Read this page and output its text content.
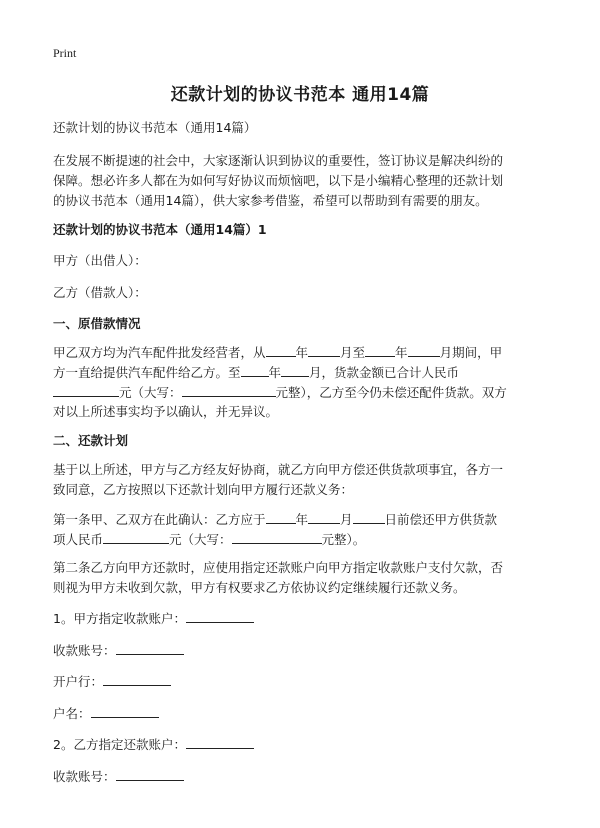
Print
还款计划的协议书范本 通用14篇
还款计划的协议书范本（通用14篇）
在发展不断提速的社会中，大家逐渐认识到协议的重要性，签订协议是解决纠纷的
保障。想必许多人都在为如何写好协议而烦恼吧，以下是小编精心整理的还款计划
的协议书范本（通用14篇），供大家参考借鉴，希望可以帮助到有需要的朋友。
还款计划的协议书范本（通用14篇）1
甲方（出借人）：
乙方（借款人）：
一、原借款情况
甲乙双方均为汽车配件批发经营者，从 年	月至 年	月期间，甲
方一直给提供汽车配件给乙方。至 年 月，货款金额已合计人民币
元（大写：	元整），乙方至今仍未偿还配件货款。双方
对以上所述事实均予以确认，并无异议。
二、还款计划
基于以上所述，甲方与乙方经友好协商，就乙方向甲方偿还供货款项事宜，各方一
致同意，乙方按照以下还款计划向甲方履行还款义务：
第一条甲、乙双方在此确认：乙方应于 年	月	日前偿还甲方供货款
项人民币	元（大写：	元整）。
第二条乙方向甲方还款时，应使用指定还款账户向甲方指定收款账户支付欠款，否
则视为甲方未收到欠款，甲方有权要求乙方依协议约定继续履行还款义务。
1。甲方指定收款账户：
收款账号：
开户行：
户名：
2。乙方指定还款账户：
收款账号：
